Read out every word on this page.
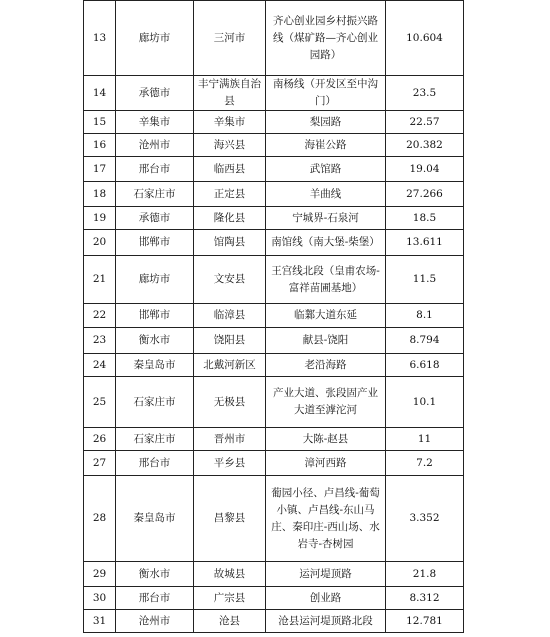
13	廊坊市	三河市	齐心创业园乡村振兴路线（煤矿路—齐心创业园路）	10.604
14	承德市	丰宁满族自治县	南杨线（开发区至中沟门）	23.5
15	辛集市	辛集市	梨园路	22.57
16	沧州市	海兴县	海崔公路	20.382
17	邢台市	临西县	武馆路	19.04
18	石家庄市	正定县	羊曲线	27.266
19	承德市	隆化县	宁城界-石泉河	18.5
20	邯郸市	馆陶县	南馆线（南大堡-柴堡）	13.611
21	廊坊市	文安县	王宫线北段（皇甫农场-富祥苗圃基地）	11.5
22	邯郸市	临漳县	临鄴大道东延	8.1
23	衡水市	饶阳县	献县-饶阳	8.794
24	秦皇岛市	北戴河新区	老沿海路	6.618
25	石家庄市	无极县	产业大道、张段固产业大道至滹沱河	10.1
26	石家庄市	晋州市	大陈-赵县	11
27	邢台市	平乡县	漳河西路	7.2
28	秦皇岛市	昌黎县	葡园小径、卢昌线-葡萄小镇、卢昌线-东山马庄、秦印庄-西山场、水岩寺-杏树园	3.352
29	衡水市	故城县	运河堤顶路	21.8
30	邢台市	广宗县	创业路	8.312
31	沧州市	沧县	沧县运河堤顶路北段	12.781
